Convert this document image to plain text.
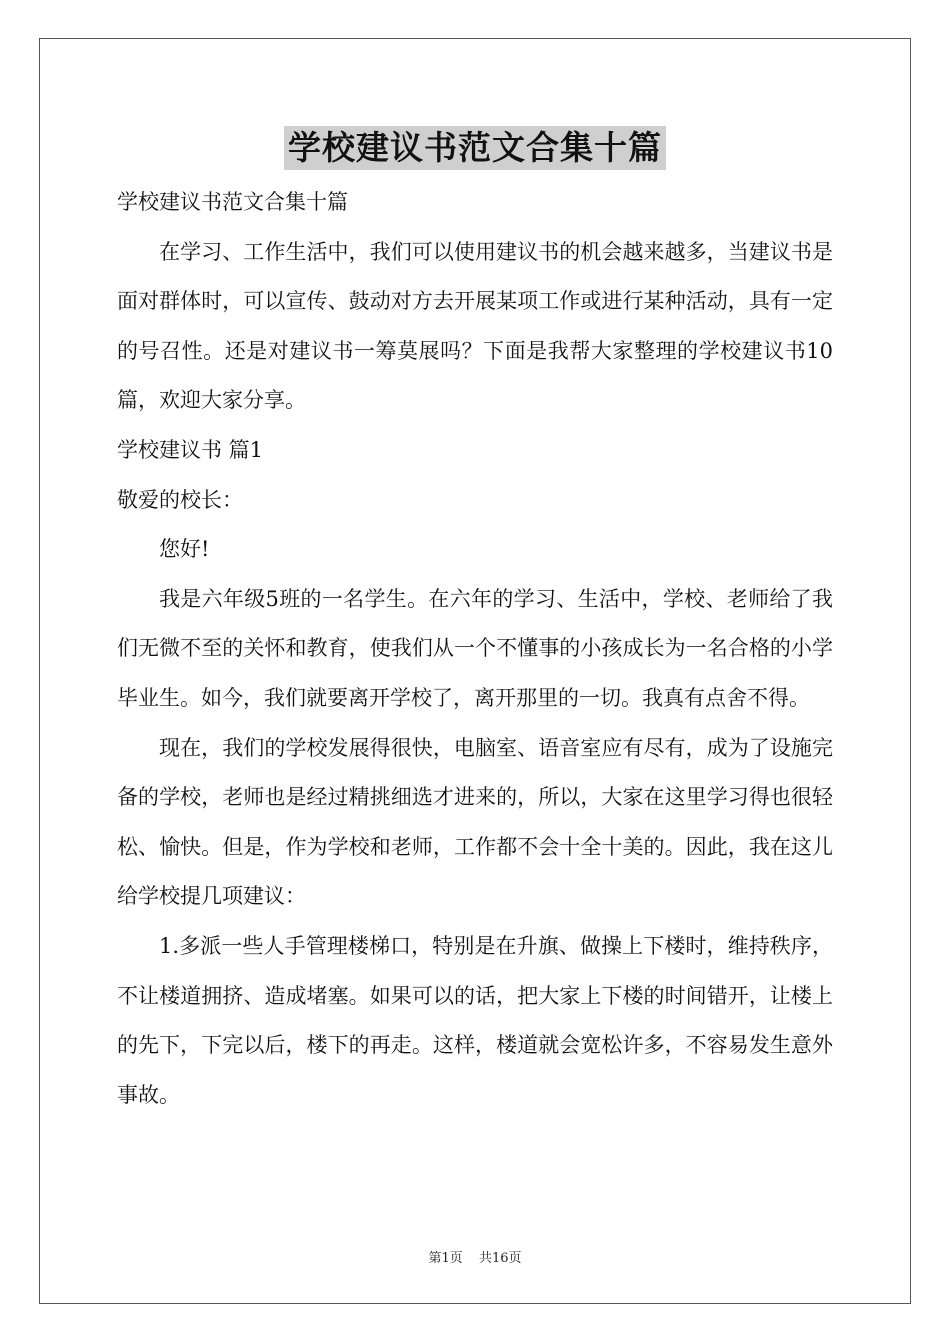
学校建议书范文合集十篇

学校建议书范文合集十篇

在学习、工作生活中，我们可以使用建议书的机会越来越多，当建议书是面对群体时，可以宣传、鼓动对方去开展某项工作或进行某种活动，具有一定的号召性。还是对建议书一筹莫展吗？下面是我帮大家整理的学校建议书10篇，欢迎大家分享。

学校建议书 篇1

敬爱的校长：

您好!

我是六年级5班的一名学生。在六年的学习、生活中，学校、老师给了我们无微不至的关怀和教育，使我们从一个不懂事的小孩成长为一名合格的小学毕业生。如今，我们就要离开学校了，离开那里的一切。我真有点舍不得。

现在，我们的学校发展得很快，电脑室、语音室应有尽有，成为了设施完备的学校，老师也是经过精挑细选才进来的，所以，大家在这里学习得也很轻松、愉快。但是，作为学校和老师，工作都不会十全十美的。因此，我在这儿给学校提几项建议：

1.多派一些人手管理楼梯口，特别是在升旗、做操上下楼时，维持秩序，不让楼道拥挤、造成堵塞。如果可以的话，把大家上下楼的时间错开，让楼上的先下，下完以后，楼下的再走。这样，楼道就会宽松许多，不容易发生意外事故。

第1页 共16页
